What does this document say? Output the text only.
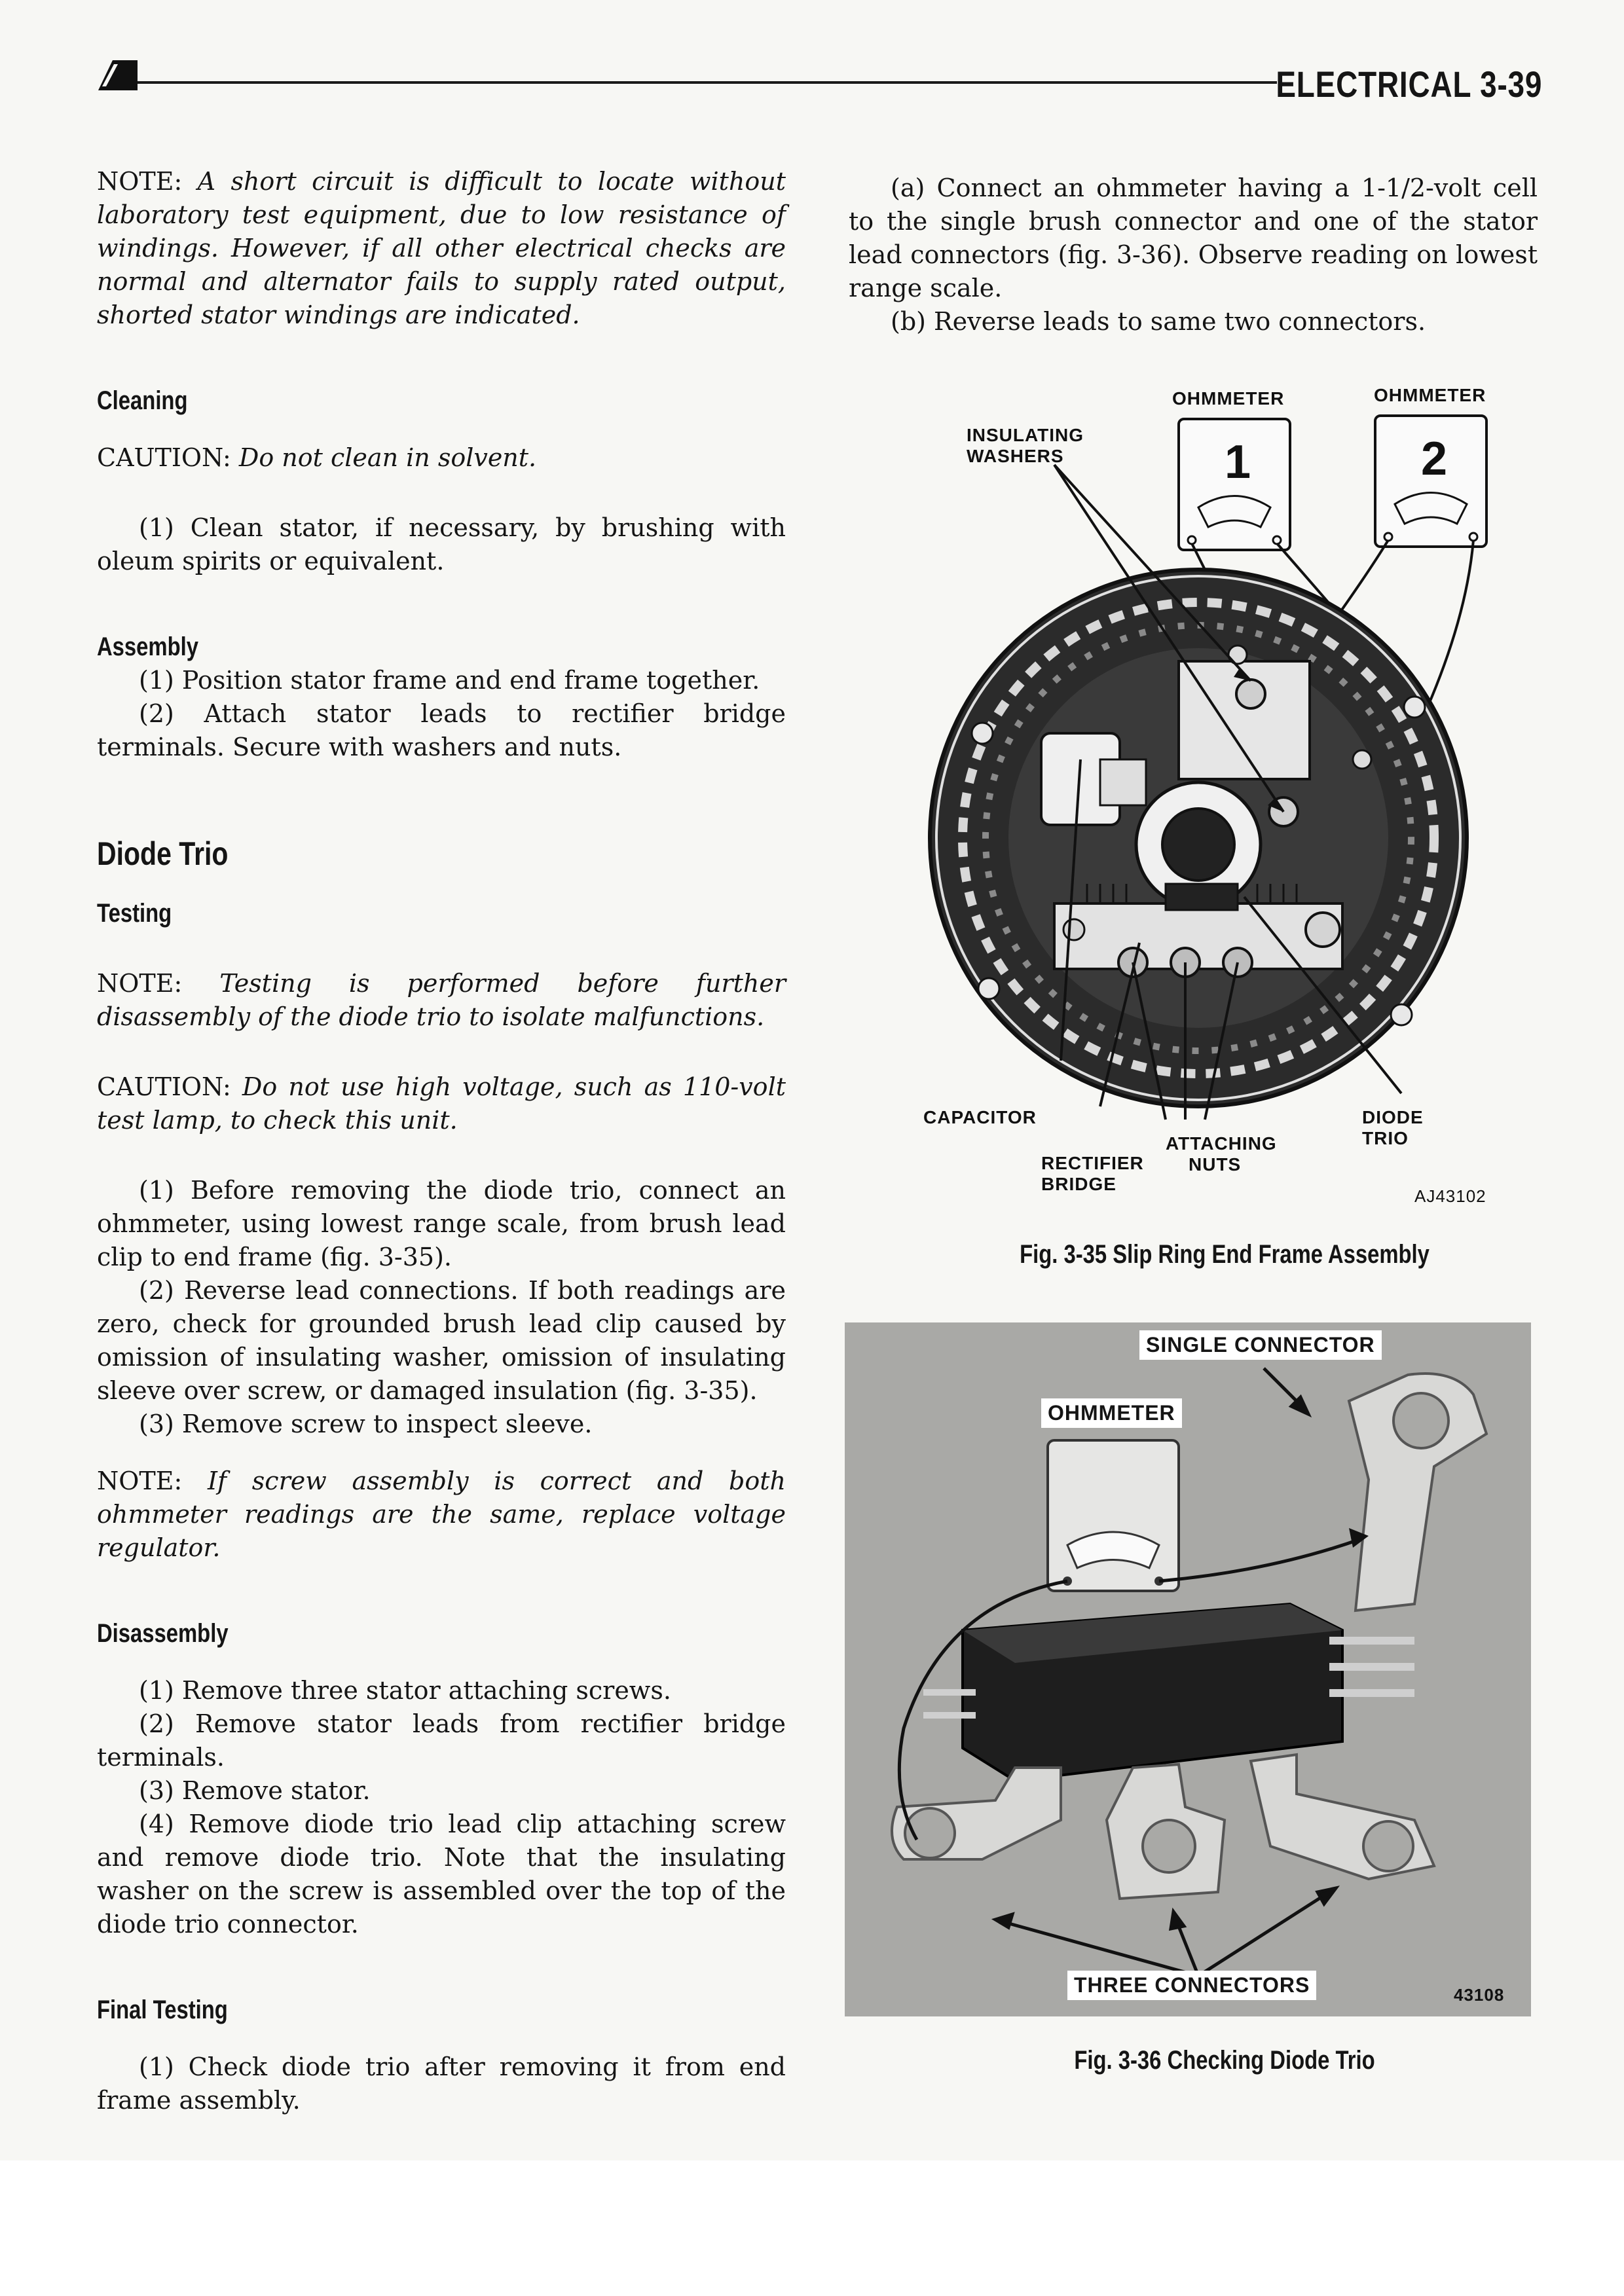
ELECTRICAL 3-39

NOTE: A short circuit is difficult to locate without laboratory test equipment, due to low resistance of windings. However, if all other electrical checks are normal and alternator fails to supply rated output, shorted stator windings are indicated.

Cleaning

CAUTION: Do not clean in solvent.

(1) Clean stator, if necessary, by brushing with oleum spirits or equivalent.

Assembly

(1) Position stator frame and end frame together.

(2) Attach stator leads to rectifier bridge terminals. Secure with washers and nuts.

Diode Trio
Testing

NOTE: Testing is performed before further disassembly of the diode trio to isolate malfunctions.

CAUTION: Do not use high voltage, such as 110-volt test lamp, to check this unit.

(1) Before removing the diode trio, connect an ohmmeter, using lowest range scale, from brush lead clip to end frame (fig. 3-35).

(2) Reverse lead connections. If both readings are zero, check for grounded brush lead clip caused by omission of insulating washer, omission of insulating sleeve over screw, or damaged insulation (fig. 3-35).

(3) Remove screw to inspect sleeve.

NOTE: If screw assembly is correct and both ohmmeter readings are the same, replace voltage regulator.

Disassembly

(1) Remove three stator attaching screws.

(2) Remove stator leads from rectifier bridge terminals.

(3) Remove stator.

(4) Remove diode trio lead clip attaching screw and remove diode trio. Note that the insulating washer on the screw is assembled over the top of the diode trio connector.

Final Testing

(1) Check diode trio after removing it from end frame assembly.

(a) Connect an ohmmeter having a 1-1/2-volt cell to the single brush connector and one of the stator lead connectors (fig. 3-36). Observe reading on lowest range scale.

(b) Reverse leads to same two connectors.

OHMMETER	OHMMETER
1	2
INSULATING
WASHERS
CAPACITOR
RECTIFIER
BRIDGE
ATTACHING
NUTS
DIODE
TRIO
AJ43102
Fig. 3-35 Slip Ring End Frame Assembly
43108
SINGLE CONNECTOR
OHMMETER
THREE CONNECTORS
Fig. 3-36 Checking Diode Trio
